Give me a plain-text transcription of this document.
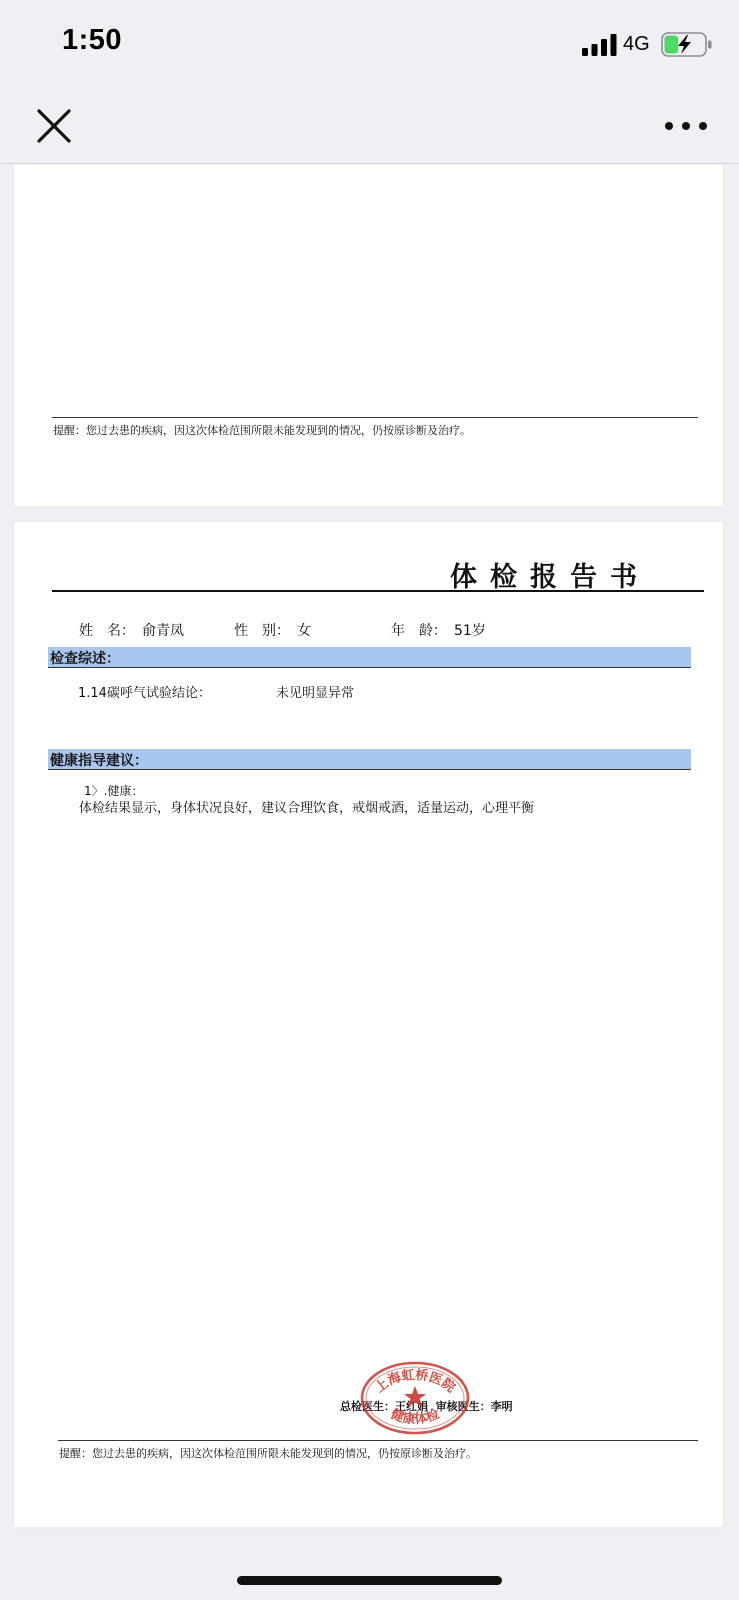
1:50	4G
提醒：您过去患的疾病，因这次体检范围所限未能发现到的情况，仍按原诊断及治疗。
体检报告书
姓　名： 俞青凤	性　别： 女	年　龄： 51岁
检查综述：
1.14碳呼气试验结论：	未见明显异常
健康指导建议：
1〉.健康：
体检结果显示，身体状况良好，建议合理饮食，戒烟戒酒，适量运动，心理平衡
总检医生：王红娟 审核医生：李明
上海虹桥医院
健康体检
提醒：您过去患的疾病，因这次体检范围所限未能发现到的情况，仍按原诊断及治疗。
